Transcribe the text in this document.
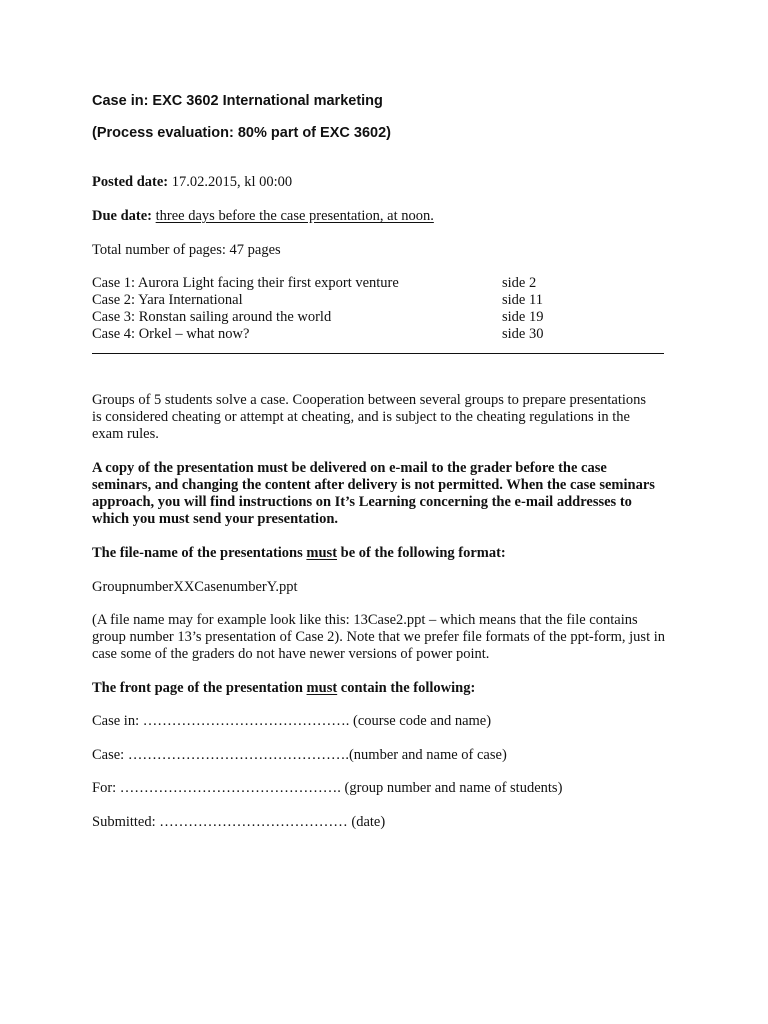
Case in: EXC 3602 International marketing

(Process evaluation: 80% part of EXC 3602)

Posted date: 17.02.2015, kl 00:00

Due date: three days before the case presentation, at noon.

Total number of pages: 47 pages

Case 1: Aurora Light facing their first export venture	side 2
Case 2: Yara International	side 11
Case 3: Ronstan sailing around the world	side 19
Case 4: Orkel – what now?	side 30

Groups of 5 students solve a case. Cooperation between several groups to prepare presentations is considered cheating or attempt at cheating, and is subject to the cheating regulations in the exam rules.

A copy of the presentation must be delivered on e-mail to the grader before the case seminars, and changing the content after delivery is not permitted. When the case seminars approach, you will find instructions on It’s Learning concerning the e-mail addresses to which you must send your presentation.

The file-name of the presentations must be of the following format:

GroupnumberXXCasenumberY.ppt

(A file name may for example look like this: 13Case2.ppt – which means that the file contains group number 13’s presentation of Case 2). Note that we prefer file formats of the ppt-form, just in case some of the graders do not have newer versions of power point.

The front page of the presentation must contain the following:

Case in: ……………………………………. (course code and name)

Case: ……………………………………….(number and name of case)

For: ………………………………………. (group number and name of students)

Submitted: ………………………………… (date)
